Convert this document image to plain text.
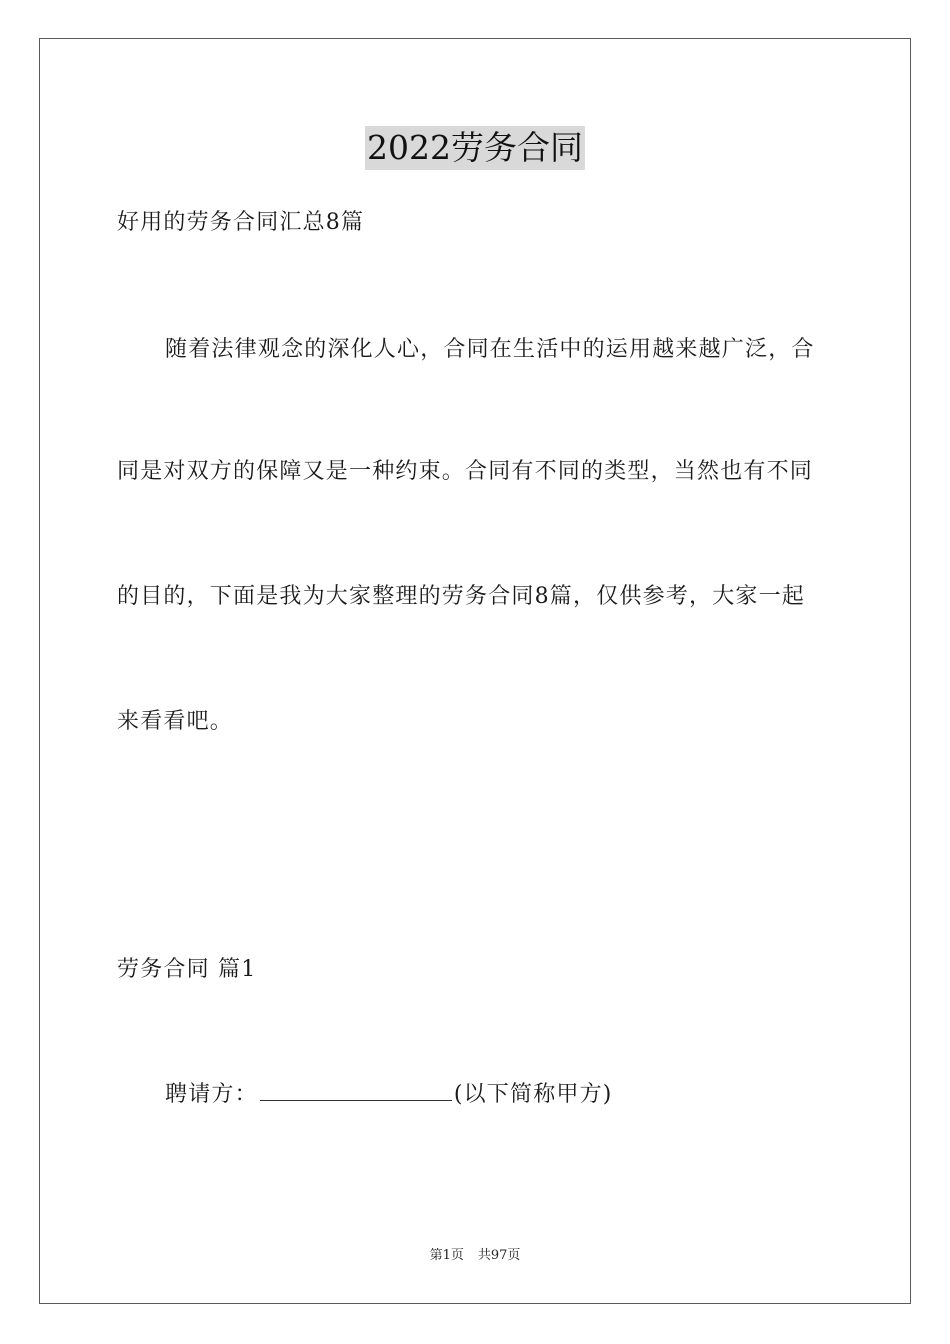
2022劳务合同
好用的劳务合同汇总8篇
随着法律观念的深化人心，合同在生活中的运用越来越广泛，合
同是对双方的保障又是一种约束。合同有不同的类型，当然也有不同
的目的，下面是我为大家整理的劳务合同8篇，仅供参考，大家一起
来看看吧。
劳务合同 篇1
聘请方：	(以下简称甲方)
第1页 共97页
